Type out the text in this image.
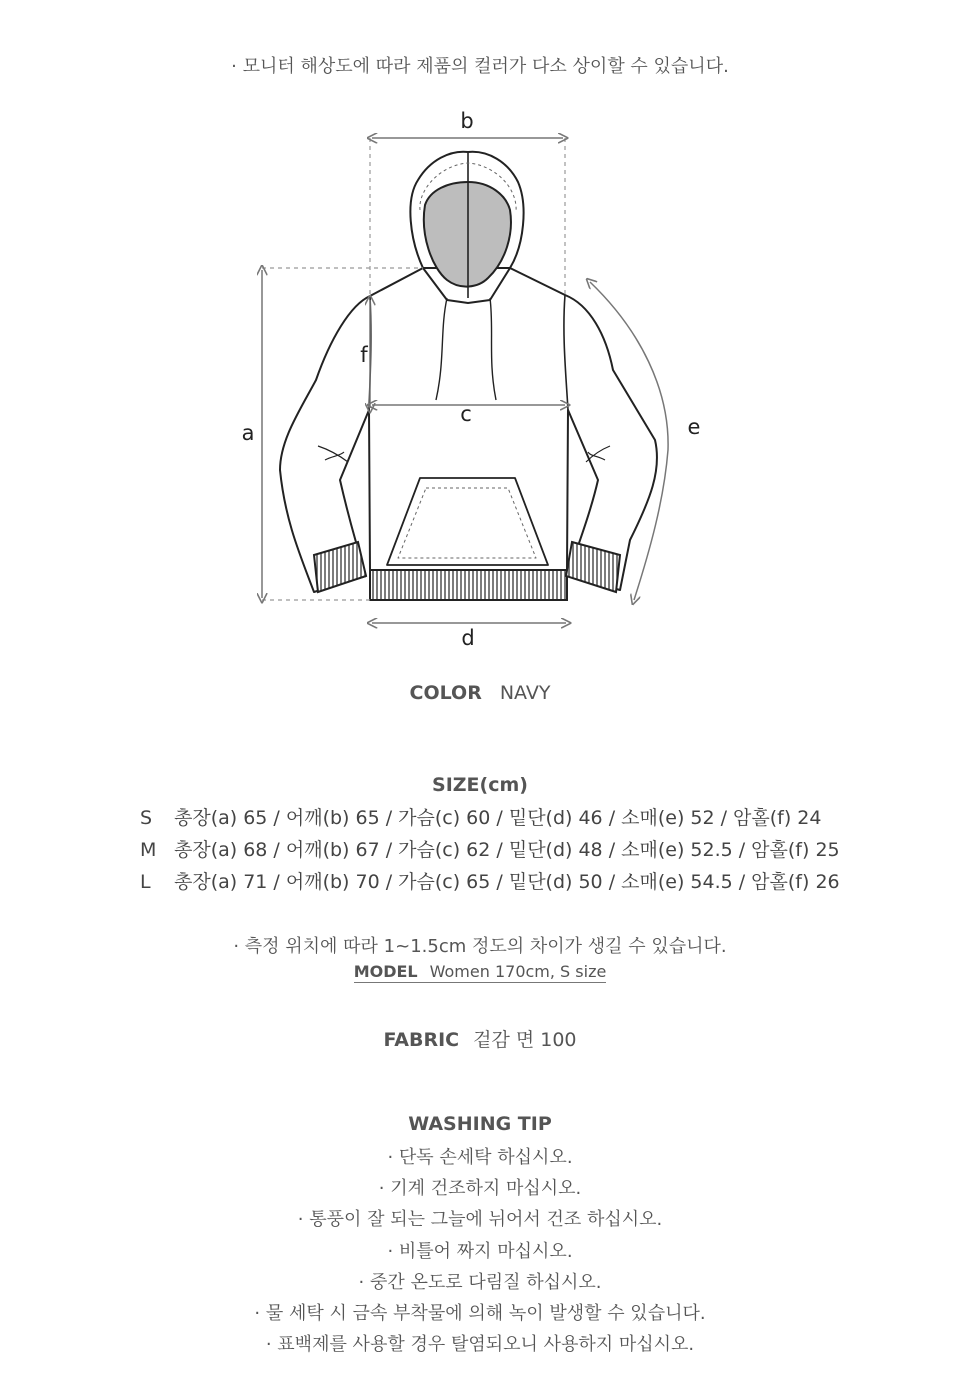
· 모니터 해상도에 따라 제품의 컬러가 다소 상이할 수 있습니다.
b
a
f
c
e
d
COLOR NAVY
SIZE(cm)
S	총장(a) 65 / 어깨(b) 65 / 가슴(c) 60 / 밑단(d) 46 / 소매(e) 52 / 암홀(f) 24
M 총장(a) 68 / 어깨(b) 67 / 가슴(c) 62 / 밑단(d) 48 / 소매(e) 52.5 / 암홀(f) 25
L	총장(a) 71 / 어깨(b) 70 / 가슴(c) 65 / 밑단(d) 50 / 소매(e) 54.5 / 암홀(f) 26
· 측정 위치에 따라 1~1.5cm 정도의 차이가 생길 수 있습니다.
MODEL Women 170cm, S size
FABRIC 겉감 면 100
WASHING TIP
· 단독 손세탁 하십시오.
· 기계 건조하지 마십시오.
· 통풍이 잘 되는 그늘에 뉘어서 건조 하십시오.
· 비틀어 짜지 마십시오.
· 중간 온도로 다림질 하십시오.
· 물 세탁 시 금속 부착물에 의해 녹이 발생할 수 있습니다.
· 표백제를 사용할 경우 탈염되오니 사용하지 마십시오.
